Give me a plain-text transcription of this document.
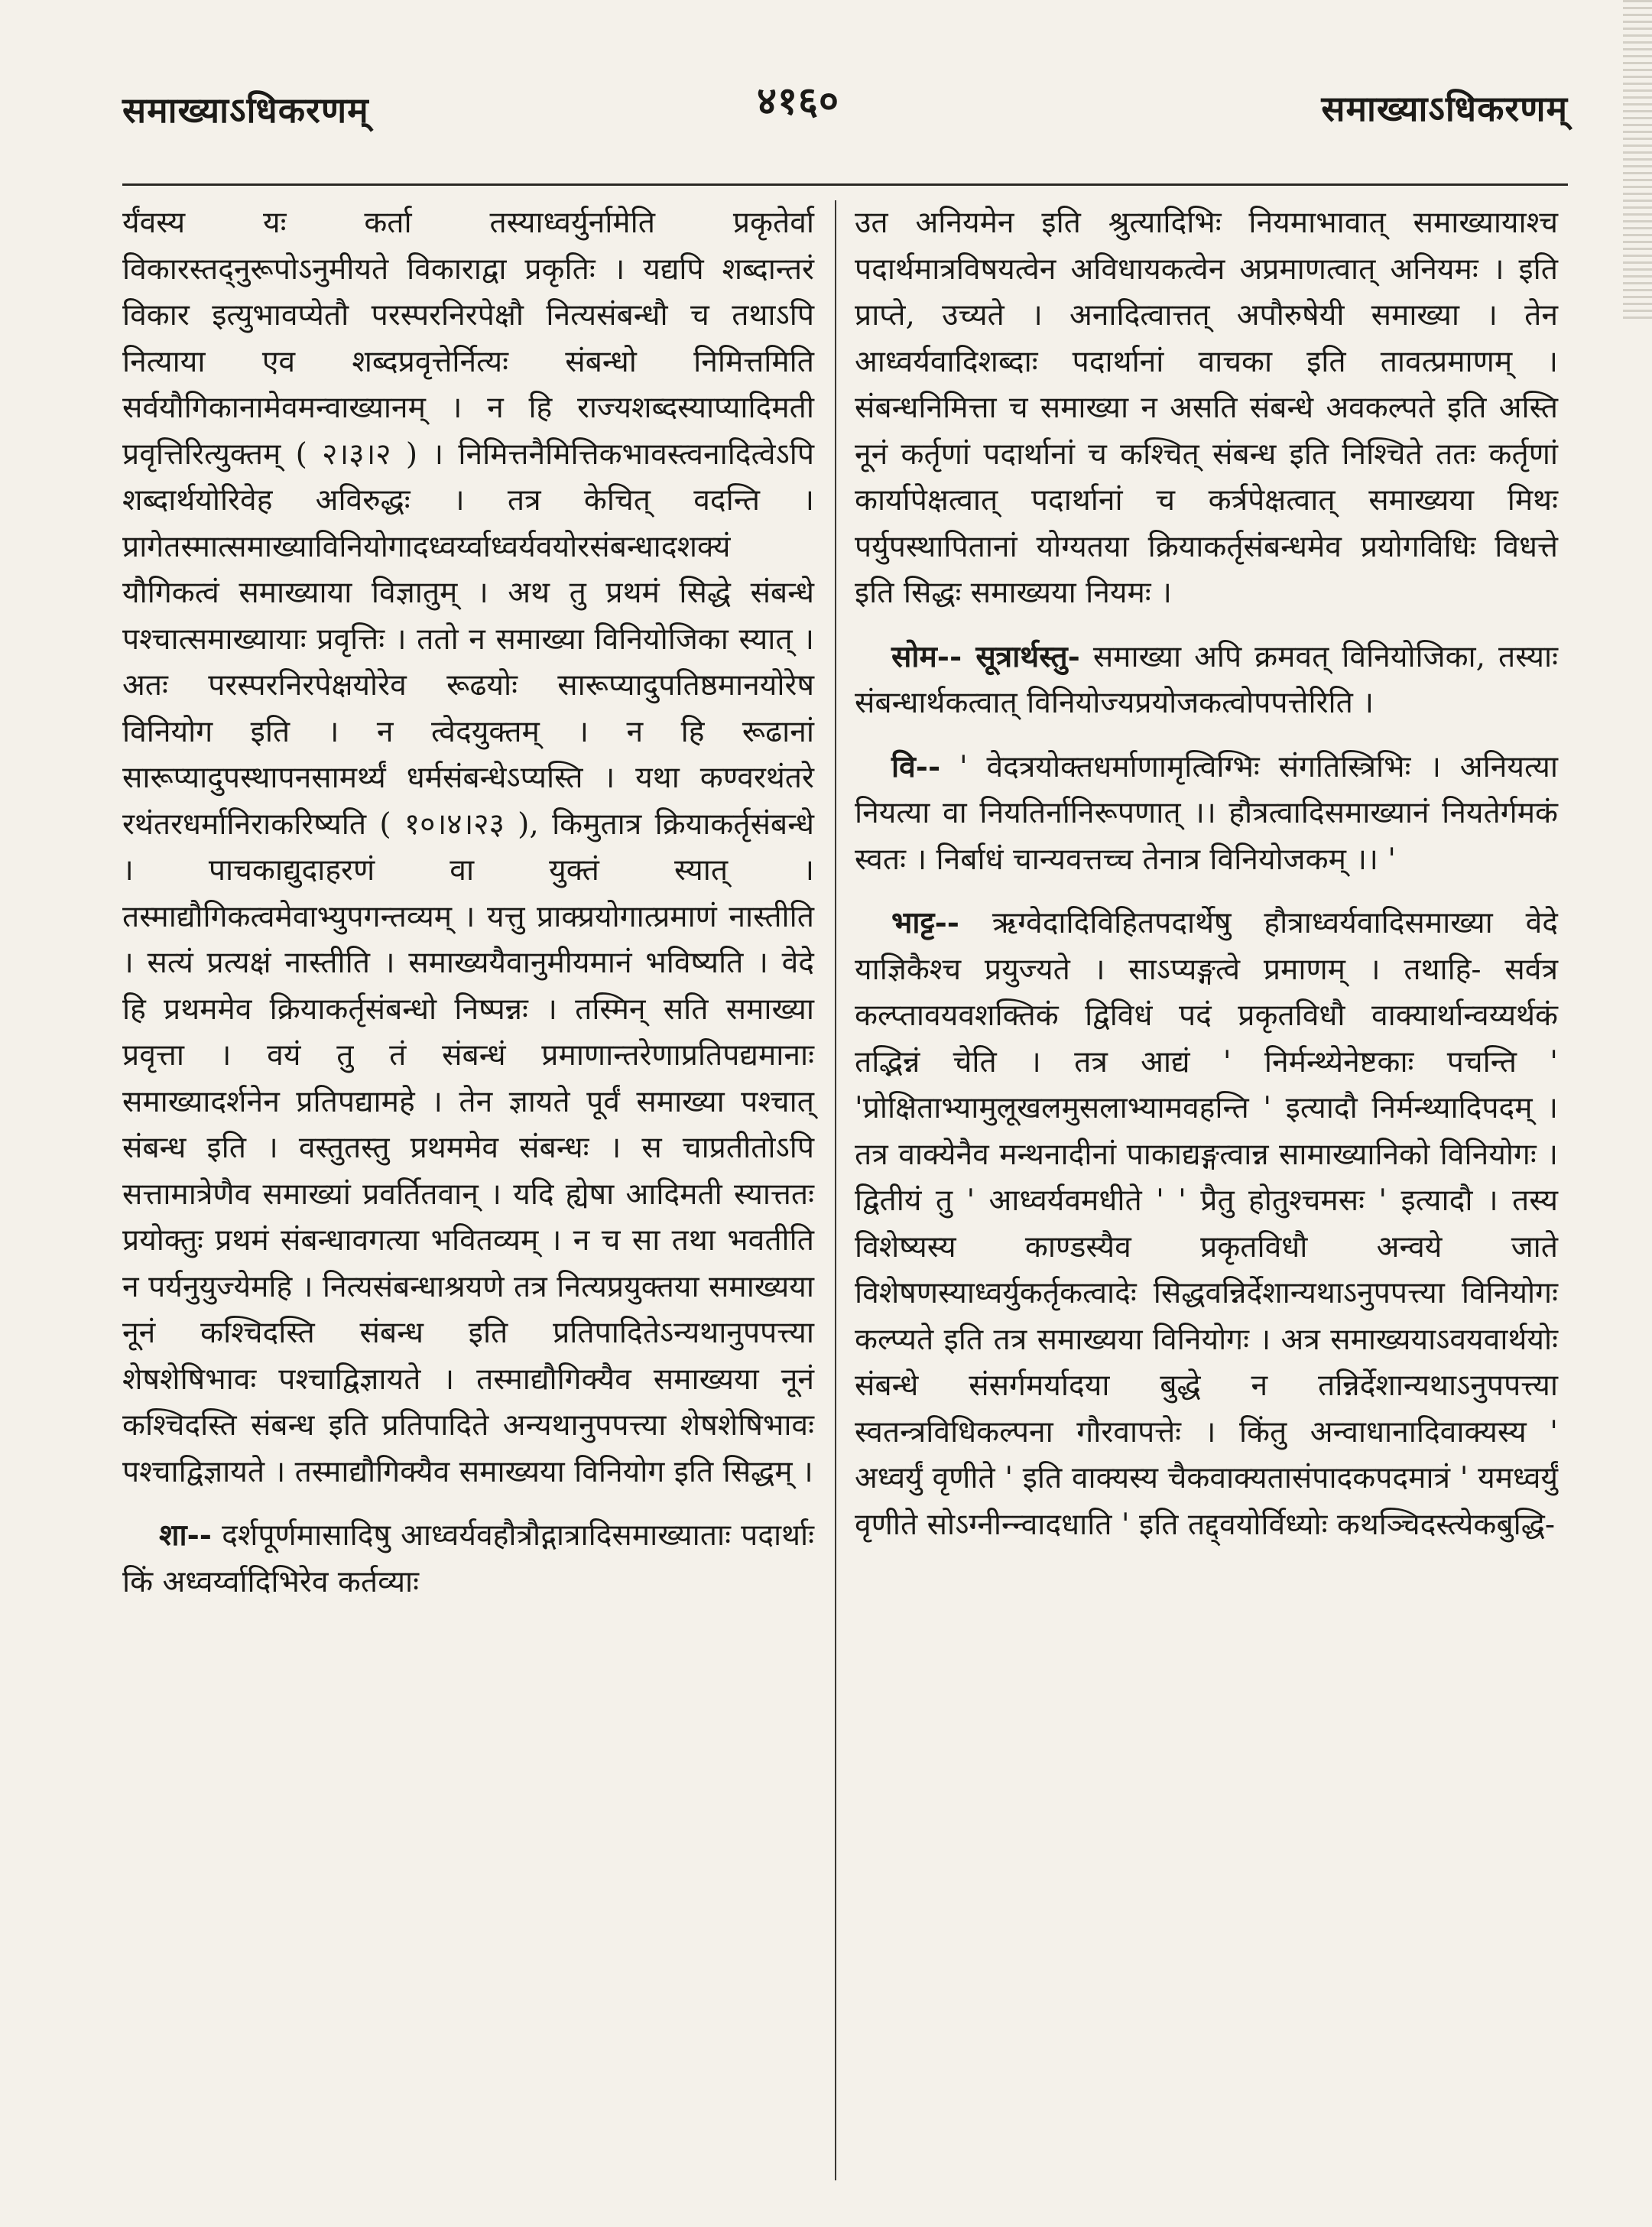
समाख्याऽधिकरणम्	४१६०	समाख्याऽधिकरणम्

र्यंवस्य यः कर्ता तस्याध्वर्युर्नामेति प्रकृतेर्वा विकारस्तद्नुरूपोऽनुमीयते विकाराद्वा प्रकृतिः । यद्यपि शब्दान्तरं विकार इत्युभावप्येतौ परस्परनिरपेक्षौ नित्यसंबन्धौ च तथाऽपि नित्याया एव शब्दप्रवृत्तेर्नित्यः संबन्धो निमित्तमिति सर्वयौगिकानामेवमन्वाख्यानम् । न हि राज्यशब्दस्याप्यादिमती प्रवृत्तिरित्युक्तम् ( २।३।२ ) । निमित्तनैमित्तिकभावस्त्वनादित्वेऽपि शब्दार्थयोरिवेह अविरुद्धः । तत्र केचित् वदन्ति । प्रागेतस्मात्समाख्याविनियोगादध्वर्य्वाध्वर्यवयोरसंबन्धादशक्यं यौगिकत्वं समाख्याया विज्ञातुम् । अथ तु प्रथमं सिद्धे संबन्धे पश्चात्समाख्यायाः प्रवृत्तिः । ततो न समाख्या विनियोजिका स्यात् । अतः परस्परनिरपेक्षयोरेव रूढयोः सारूप्यादुपतिष्ठमानयोरेष विनियोग इति । न त्वेदयुक्तम् । न हि रूढानां सारूप्यादुपस्थापनसामर्थ्यं धर्मसंबन्धेऽप्यस्ति । यथा कण्वरथंतरे रथंतरधर्मानिराकरिष्यति ( १०।४।२३ ), किमुतात्र क्रियाकर्तृसंबन्धे । पाचकाद्युदाहरणं वा युक्तं स्यात् । तस्माद्यौगिकत्वमेवाभ्युपगन्तव्यम् । यत्तु प्राक्प्रयोगात्प्रमाणं नास्तीति । सत्यं प्रत्यक्षं नास्तीति । समाख्ययैवानुमीयमानं भविष्यति । वेदे हि प्रथममेव क्रियाकर्तृसंबन्धो निष्पन्नः । तस्मिन् सति समाख्या प्रवृत्ता । वयं तु तं संबन्धं प्रमाणान्तरेणाप्रतिपद्यमानाः समाख्यादर्शनेन प्रतिपद्यामहे । तेन ज्ञायते पूर्वं समाख्या पश्चात् संबन्ध इति । वस्तुतस्तु प्रथममेव संबन्धः । स चाप्रतीतोऽपि सत्तामात्रेणैव समाख्यां प्रवर्तितवान् । यदि ह्येषा आदिमती स्यात्ततः प्रयोक्तुः प्रथमं संबन्धावगत्या भवितव्यम् । न च सा तथा भवतीति न पर्यनुयुज्येमहि । नित्यसंबन्धाश्रयणे तत्र नित्यप्रयुक्तया समाख्यया नूनं कश्चिदस्ति संबन्ध इति प्रतिपादितेऽन्यथानुपपत्त्या शेषशेषिभावः पश्चाद्विज्ञायते । तस्माद्यौगिक्यैव समाख्यया नूनं कश्चिदस्ति संबन्ध इति प्रतिपादिते अन्यथानुपपत्त्या शेषशेषिभावः पश्चाद्विज्ञायते । तस्माद्यौगिक्यैव समाख्यया विनियोग इति सिद्धम् ।

शा-- दर्शपूर्णमासादिषु आध्वर्यवहौत्रौद्गात्रादिसमाख्याताः पदार्थाः किं अध्वर्य्वादिभिरेव कर्तव्याः

उत अनियमेन इति श्रुत्यादिभिः नियमाभावात् समाख्यायाश्च पदार्थमात्रविषयत्वेन अविधायकत्वेन अप्रमाणत्वात् अनियमः । इति प्राप्ते, उच्यते । अनादित्वात्तत् अपौरुषेयी समाख्या । तेन आध्वर्यवादिशब्दाः पदार्थानां वाचका इति तावत्प्रमाणम् । संबन्धनिमित्ता च समाख्या न असति संबन्धे अवकल्पते इति अस्ति नूनं कर्तृणां पदार्थानां च कश्चित् संबन्ध इति निश्चिते ततः कर्तृणां कार्यापेक्षत्वात् पदार्थानां च कर्त्रपेक्षत्वात् समाख्यया मिथः पर्युपस्थापितानां योग्यतया क्रियाकर्तृसंबन्धमेव प्रयोगविधिः विधत्ते इति सिद्धः समाख्यया नियमः ।

सोम-- सूत्रार्थस्तु- समाख्या अपि क्रमवत् विनियोजिका, तस्याः संबन्धार्थकत्वात् विनियोज्यप्रयोजकत्वोपपत्तेरिति ।

वि-- ' वेदत्रयोक्तधर्माणामृत्विग्भिः संगतिस्त्रिभिः । अनियत्या नियत्या वा नियतिर्नानिरूपणात् ।। हौत्रत्वादिसमाख्यानं नियतेर्गमकं स्वतः । निर्बाधं चान्यवत्तच्च तेनात्र विनियोजकम् ।। '

भाट्ट-- ऋग्वेदादिविहितपदार्थेषु हौत्राध्वर्यवादिसमाख्या वेदे याज्ञिकैश्च प्रयुज्यते । साऽप्यङ्गत्वे प्रमाणम् । तथाहि- सर्वत्र कल्प्तावयवशक्तिकं द्विविधं पदं प्रकृतविधौ वाक्यार्थान्वय्यर्थकं तद्भिन्नं चेति । तत्र आद्यं ' निर्मन्थ्येनेष्टकाः पचन्ति ' 'प्रोक्षिताभ्यामुलूखलमुसलाभ्यामवहन्ति ' इत्यादौ निर्मन्थ्यादिपदम् । तत्र वाक्येनैव मन्थनादीनां पाकाद्यङ्गत्वान्न सामाख्यानिको विनियोगः । द्वितीयं तु ' आध्वर्यवमधीते ' ' प्रैतु होतुश्चमसः ' इत्यादौ । तस्य विशेष्यस्य काण्डस्यैव प्रकृतविधौ अन्वये जाते विशेषणस्याध्वर्युकर्तृकत्वादेः सिद्धवन्निर्देशान्यथाऽनुपपत्त्या विनियोगः कल्प्यते इति तत्र समाख्यया विनियोगः । अत्र समाख्ययाऽवयवार्थयोः संबन्धे संसर्गमर्यादया बुद्धे न तन्निर्देशान्यथाऽनुपपत्त्या स्वतन्त्रविधिकल्पना गौरवापत्तेः । किंतु अन्वाधानादिवाक्यस्य ' अध्वर्युं वृणीते ' इति वाक्यस्य चैकवाक्यतासंपादकपदमात्रं ' यमध्वर्युं वृणीते सोऽग्नीन्न्वादधाति ' इति तद्द्वयोर्विध्योः कथञ्चिदस्त्येकबुद्धि-
